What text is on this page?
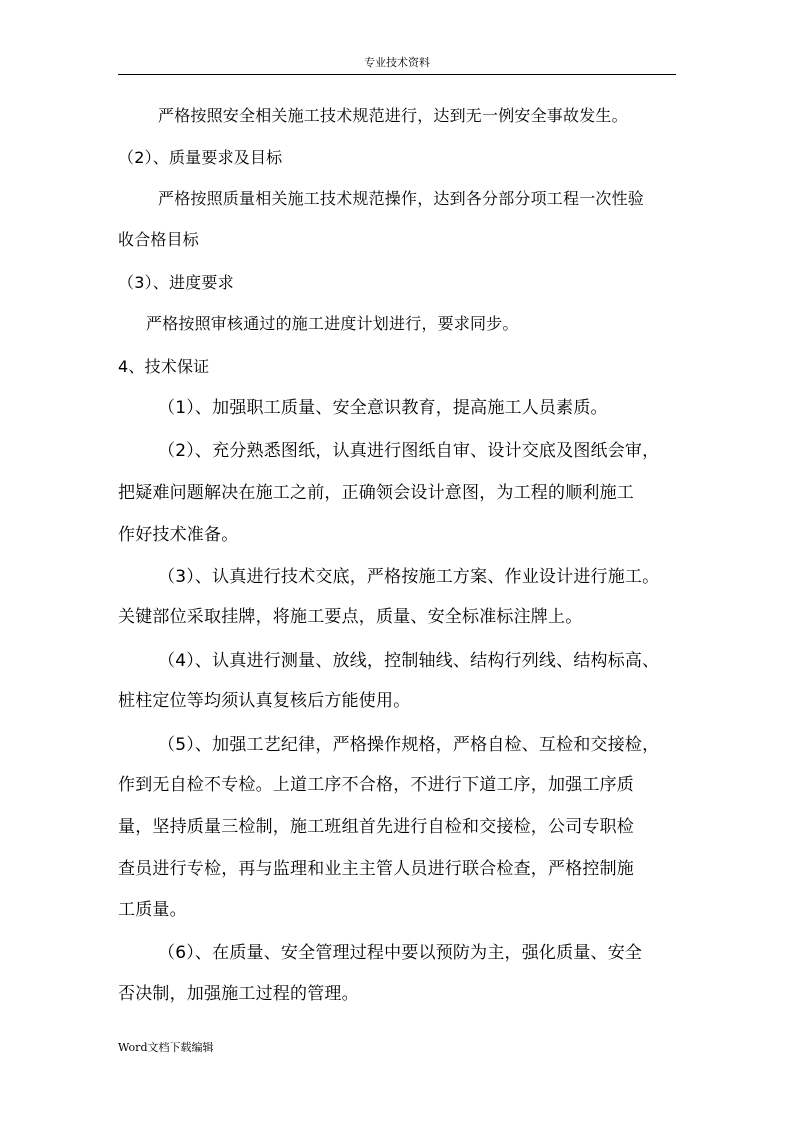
专业技术资料
严格按照安全相关施工技术规范进行，达到无一例安全事故发生。
（2）、质量要求及目标
严格按照质量相关施工技术规范操作，达到各分部分项工程一次性验
收合格目标
（3）、进度要求
严格按照审核通过的施工进度计划进行，要求同步。
4、技术保证
（1）、加强职工质量、安全意识教育，提高施工人员素质。
（2）、充分熟悉图纸，认真进行图纸自审、设计交底及图纸会审，
把疑难问题解决在施工之前，正确领会设计意图，为工程的顺利施工
作好技术准备。
（3）、认真进行技术交底，严格按施工方案、作业设计进行施工。
关键部位采取挂牌，将施工要点，质量、安全标准标注牌上。
（4）、认真进行测量、放线，控制轴线、结构行列线、结构标高、
桩柱定位等均须认真复核后方能使用。
（5）、加强工艺纪律，严格操作规格，严格自检、互检和交接检，
作到无自检不专检。上道工序不合格，不进行下道工序，加强工序质
量，坚持质量三检制，施工班组首先进行自检和交接检，公司专职检
查员进行专检，再与监理和业主主管人员进行联合检查，严格控制施
工质量。
（6）、在质量、安全管理过程中要以预防为主，强化质量、安全
否决制，加强施工过程的管理。
Word文档下载编辑
